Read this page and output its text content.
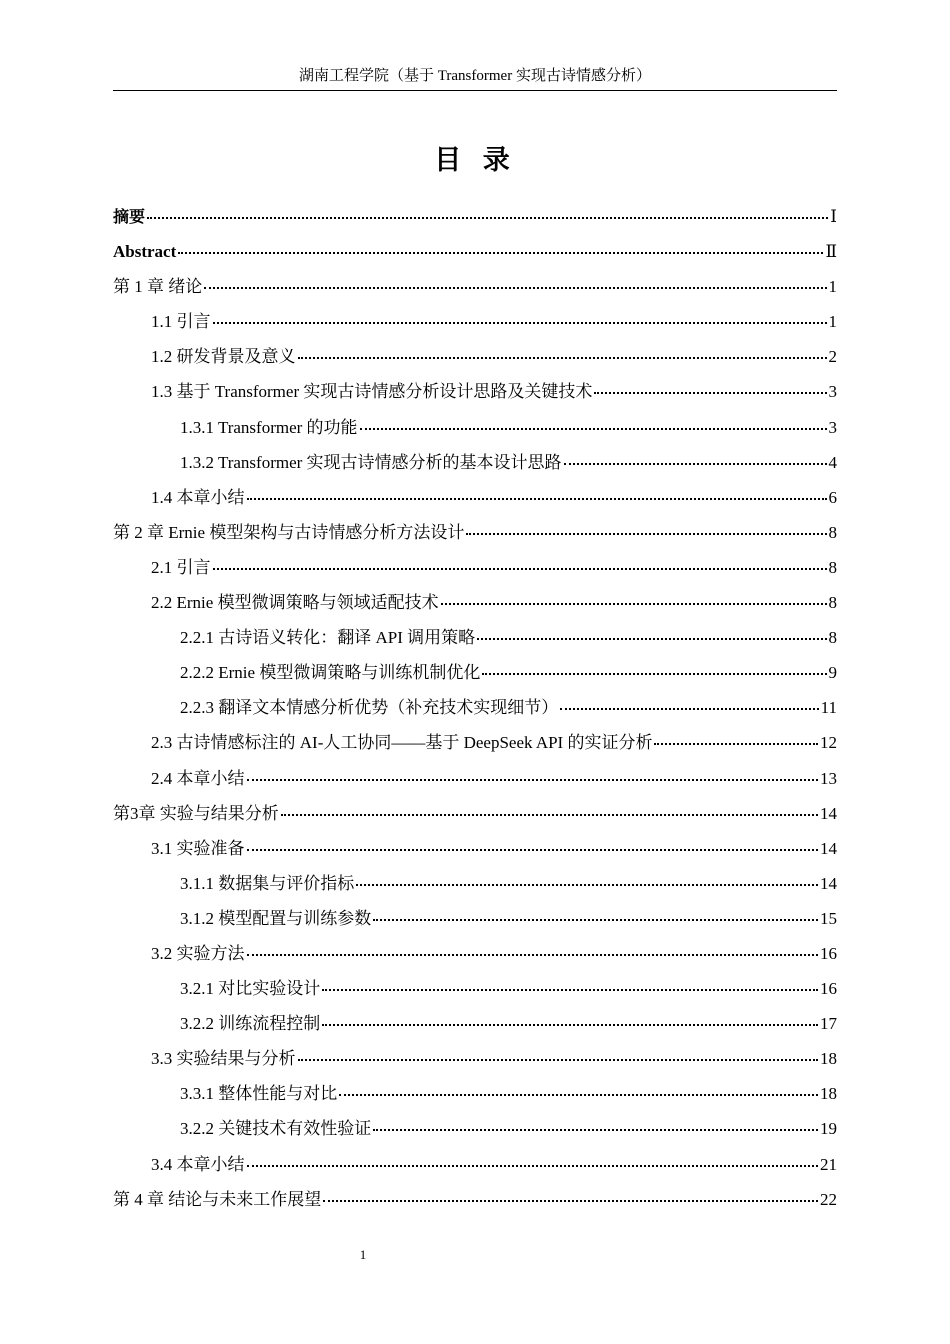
湖南工程学院（基于 Transformer 实现古诗情感分析）
目 录
摘要	Ⅰ
Abstract	Ⅱ
第 1 章 绪论	1
1.1 引言	1
1.2 研发背景及意义	2
1.3 基于 Transformer 实现古诗情感分析设计思路及关键技术	3
1.3.1 Transformer 的功能	3
1.3.2 Transformer 实现古诗情感分析的基本设计思路	4
1.4 本章小结	6
第 2 章 Ernie 模型架构与古诗情感分析方法设计	8
2.1 引言	8
2.2 Ernie 模型微调策略与领域适配技术	8
2.2.1 古诗语义转化：翻译 API 调用策略	8
2.2.2 Ernie 模型微调策略与训练机制优化	9
2.2.3 翻译文本情感分析优势（补充技术实现细节）	11
2.3 古诗情感标注的 AI-人工协同——基于 DeepSeek API 的实证分析	12
2.4 本章小结	13
第3章 实验与结果分析	14
3.1 实验准备	14
3.1.1 数据集与评价指标	14
3.1.2 模型配置与训练参数	15
3.2 实验方法	16
3.2.1 对比实验设计	16
3.2.2 训练流程控制	17
3.3 实验结果与分析	18
3.3.1 整体性能与对比	18
3.2.2 关键技术有效性验证	19
3.4 本章小结	21
第 4 章 结论与未来工作展望	22
1
